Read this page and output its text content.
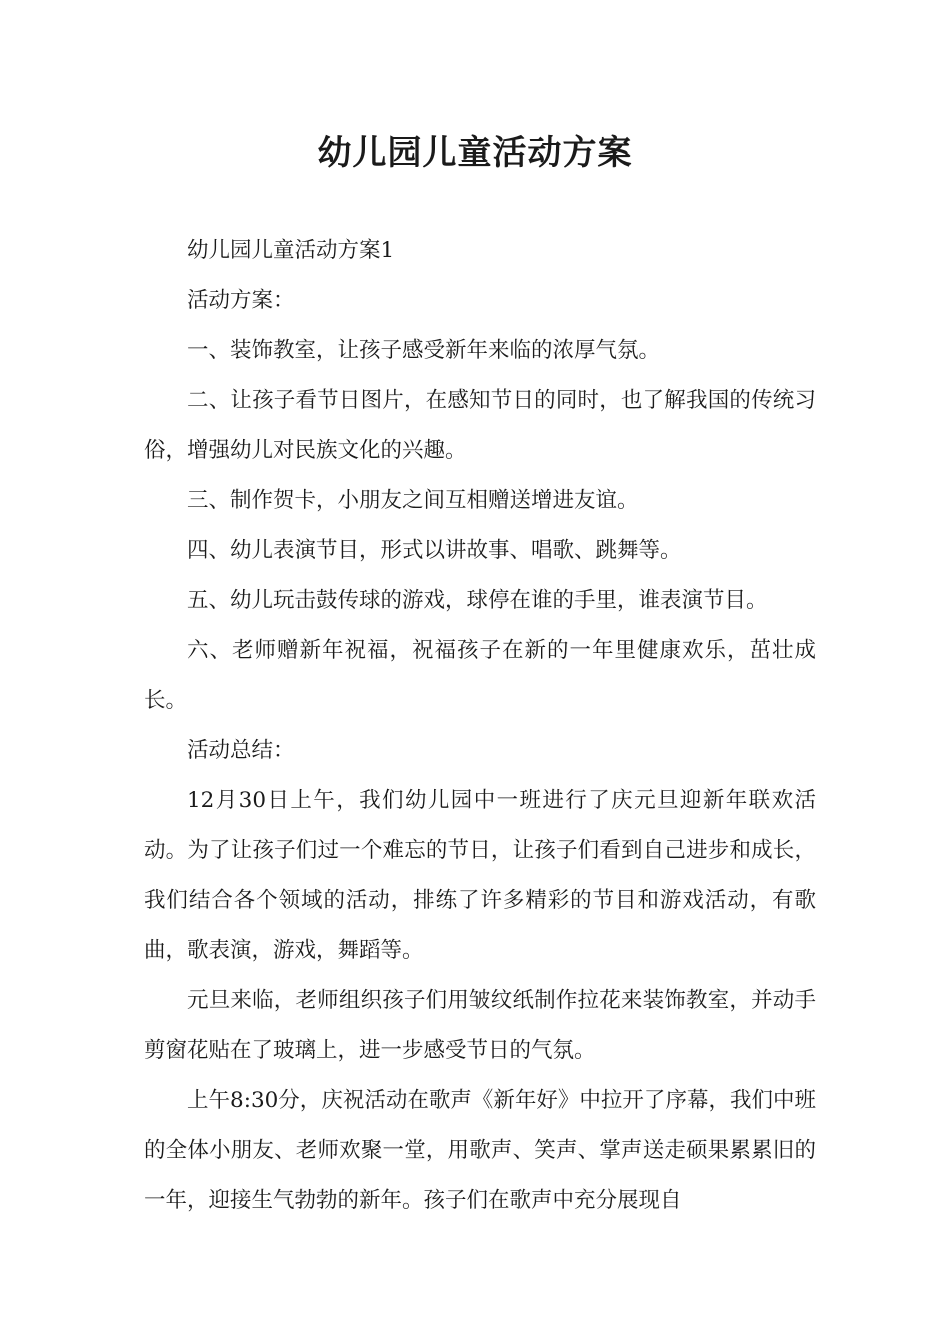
幼儿园儿童活动方案

幼儿园儿童活动方案1

活动方案：

一、装饰教室，让孩子感受新年来临的浓厚气氛。

二、让孩子看节日图片，在感知节日的同时，也了解我国的传统习俗，增强幼儿对民族文化的兴趣。

三、制作贺卡，小朋友之间互相赠送增进友谊。

四、幼儿表演节目，形式以讲故事、唱歌、跳舞等。

五、幼儿玩击鼓传球的游戏，球停在谁的手里，谁表演节目。

六、老师赠新年祝福，祝福孩子在新的一年里健康欢乐，茁壮成长。

活动总结：

12月30日上午，我们幼儿园中一班进行了庆元旦迎新年联欢活动。为了让孩子们过一个难忘的节日，让孩子们看到自己进步和成长，我们结合各个领域的活动，排练了许多精彩的节目和游戏活动，有歌曲，歌表演，游戏，舞蹈等。

元旦来临，老师组织孩子们用皱纹纸制作拉花来装饰教室，并动手剪窗花贴在了玻璃上，进一步感受节日的气氛。

上午8:30分，庆祝活动在歌声《新年好》中拉开了序幕，我们中班的全体小朋友、老师欢聚一堂，用歌声、笑声、掌声送走硕果累累旧的一年，迎接生气勃勃的新年。孩子们在歌声中充分展现自
